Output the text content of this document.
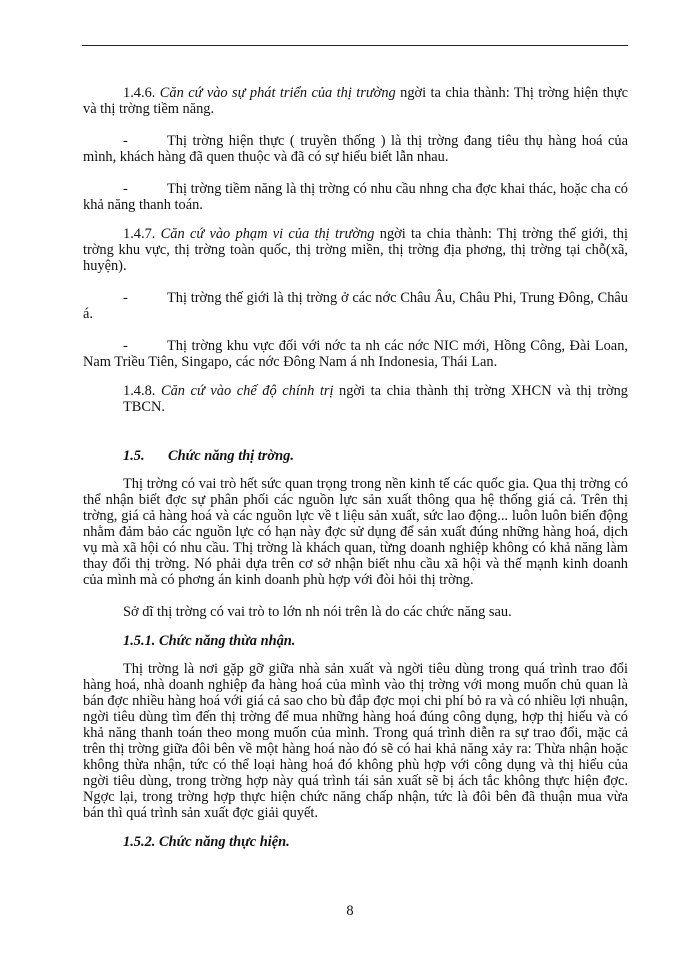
1.4.6. Căn cứ vào sự phát triển của thị trường ngời ta chia thành: Thị trờng hiện thực và thị trờng tiềm năng.

-	Thị trờng hiện thực ( truyền thống ) là thị trờng đang tiêu thụ hàng hoá của mình, khách hàng đã quen thuộc và đã có sự hiểu biết lẫn nhau.

-	Thị trờng tiềm năng là thị trờng có nhu cầu nhng cha đợc khai thác, hoặc cha có khả năng thanh toán.

1.4.7. Căn cứ vào phạm vi của thị trường ngời ta chia thành: Thị trờng thế giới, thị trờng khu vực, thị trờng toàn quốc, thị trờng miền, thị trờng địa phơng, thị trờng tại chỗ(xã, huyện).

-	Thị trờng thế giới là thị trờng ở các nớc Châu Âu, Châu Phi, Trung Đông, Châu á.

-	Thị trờng khu vực đối với nớc ta nh các nớc NIC mới, Hồng Công, Đài Loan, Nam Triều Tiên, Singapo, các nớc Đông Nam á nh Indonesia, Thái Lan.

1.4.8. Căn cứ vào chế độ chính trị ngời ta chia thành thị trờng XHCN và thị trờng TBCN.

1.5. Chức năng thị trờng.

Thị trờng có vai trò hết sức quan trọng trong nền kinh tế các quốc gia. Qua thị trờng có thể nhận biết đợc sự phân phối các nguồn lực sản xuất thông qua hệ thống giá cả. Trên thị trờng, giá cả hàng hoá và các nguồn lực về t liệu sản xuất, sức lao động... luôn luôn biến động nhằm đảm bảo các nguồn lực có hạn này đợc sử dụng để sản xuất đúng những hàng hoá, dịch vụ mà xã hội có nhu cầu. Thị trờng là khách quan, từng doanh nghiệp không có khả năng làm thay đổi thị trờng. Nó phải dựa trên cơ sở nhận biết nhu cầu xã hội và thế mạnh kinh doanh của mình mà có phơng án kinh doanh phù hợp với đòi hỏi thị trờng.

Sở dĩ thị trờng có vai trò to lớn nh nói trên là do các chức năng sau.

1.5.1. Chức năng thừa nhận.

Thị trờng là nơi gặp gỡ giữa nhà sản xuất và ngời tiêu dùng trong quá trình trao đổi hàng hoá, nhà doanh nghiệp đa hàng hoá của mình vào thị trờng với mong muốn chủ quan là bán đợc nhiều hàng hoá với giá cả sao cho bù đắp đợc mọi chi phí bỏ ra và có nhiều lợi nhuận, ngời tiêu dùng tìm đến thị trờng để mua những hàng hoá đúng công dụng, hợp thị hiếu và có khả năng thanh toán theo mong muốn của mình. Trong quá trình diễn ra sự trao đổi, mặc cả trên thị trờng giữa đôi bên về một hàng hoá nào đó sẽ có hai khả năng xảy ra: Thừa nhận hoặc không thừa nhận, tức có thể loại hàng hoá đó không phù hợp với công dụng và thị hiếu của ngời tiêu dùng, trong trờng hợp này quá trình tái sản xuất sẽ bị ách tắc không thực hiện đợc. Ngợc lại, trong trờng hợp thực hiện chức năng chấp nhận, tức là đôi bên đã thuận mua vừa bán thì quá trình sản xuất đợc giải quyết.

1.5.2. Chức năng thực hiện.

8
